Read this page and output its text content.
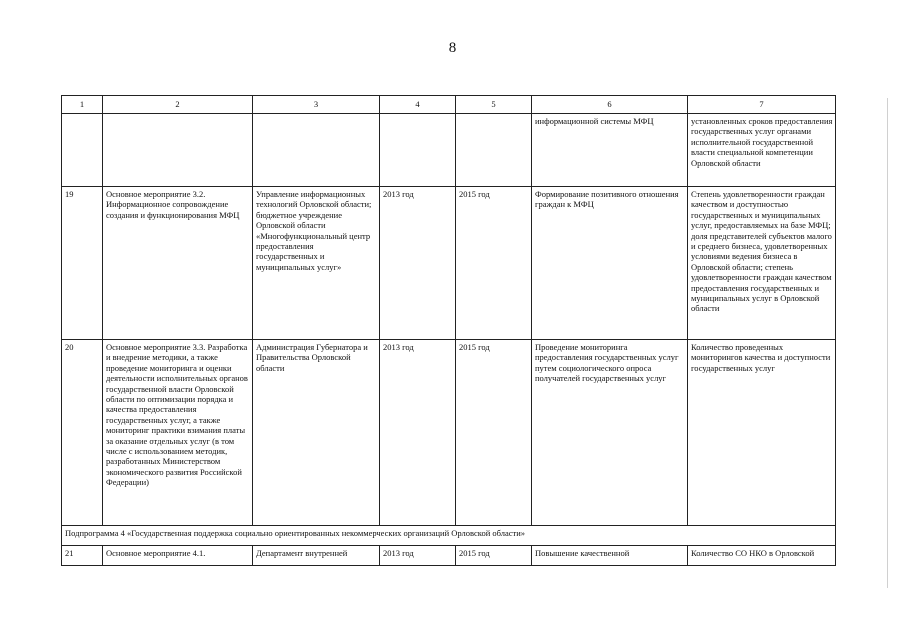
8
1	2	3	4	5	6	7
					информационной системы МФЦ	установленных сроков предоставления государственных услуг органами исполнительной государственной власти специальной компетенции Орловской области
19	Основное мероприятие 3.2. Информационное сопровождение создания и функционирования МФЦ	Управление информационных технологий Орловской области; бюджетное учреждение Орловской области «Многофункциональный центр предоставления государственных и муниципальных услуг»	2013 год	2015 год	Формирование позитивного отношения граждан к МФЦ	Степень удовлетворенности граждан качеством и доступностью государственных и муниципальных услуг, предоставляемых на базе МФЦ; доля представителей субъектов малого и среднего бизнеса, удовлетворенных условиями ведения бизнеса в Орловской области; степень удовлетворенности граждан качеством предоставления государственных и муниципальных услуг в Орловской области
20	Основное мероприятие 3.3. Разработка и внедрение методики, а также проведение мониторинга и оценки деятельности исполнительных органов государственной власти Орловской области по оптимизации порядка и качества предоставления государственных услуг, а также мониторинг практики взимания платы за оказание отдельных услуг (в том числе с использованием методик, разработанных Министерством экономического развития Российской Федерации)	Администрация Губернатора и Правительства Орловской области	2013 год	2015 год	Проведение мониторинга предоставления государственных услуг путем социологического опроса получателей государственных услуг	Количество проведенных мониторингов качества и доступности государственных услуг
Подпрограмма 4 «Государственная поддержка социально ориентированных некоммерческих организаций Орловской области»						
21	Основное мероприятие 4.1.	Департамент внутренней	2013 год	2015 год	Повышение качественной	Количество СО НКО в Орловской
